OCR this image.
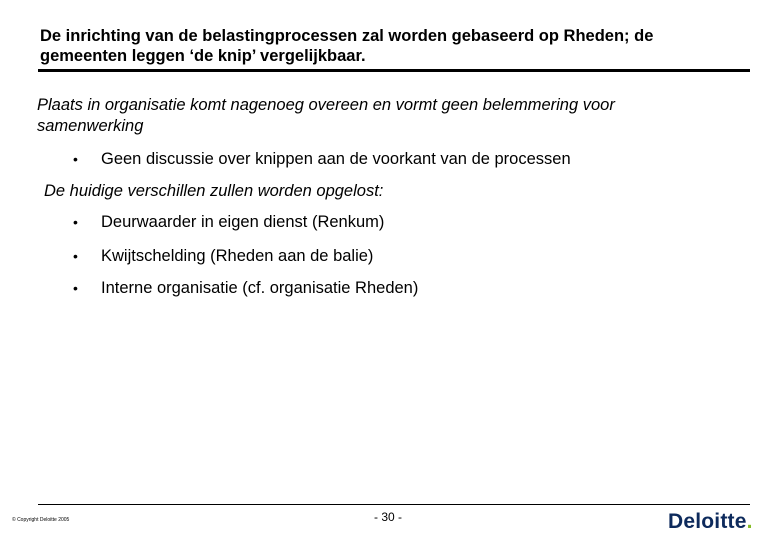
De inrichting van de belastingprocessen zal worden gebaseerd op Rheden; de gemeenten leggen ‘de knip’ vergelijkbaar.
Plaats in organisatie komt nagenoeg overeen en vormt geen belemmering voor samenwerking
• Geen discussie over knippen aan de voorkant van de processen
De huidige verschillen zullen worden opgelost:
• Deurwaarder in eigen dienst (Renkum)
• Kwijtschelding (Rheden aan de balie)
• Interne organisatie (cf. organisatie Rheden)
© Copyright Deloitte 2005	- 30 -	Deloitte.
